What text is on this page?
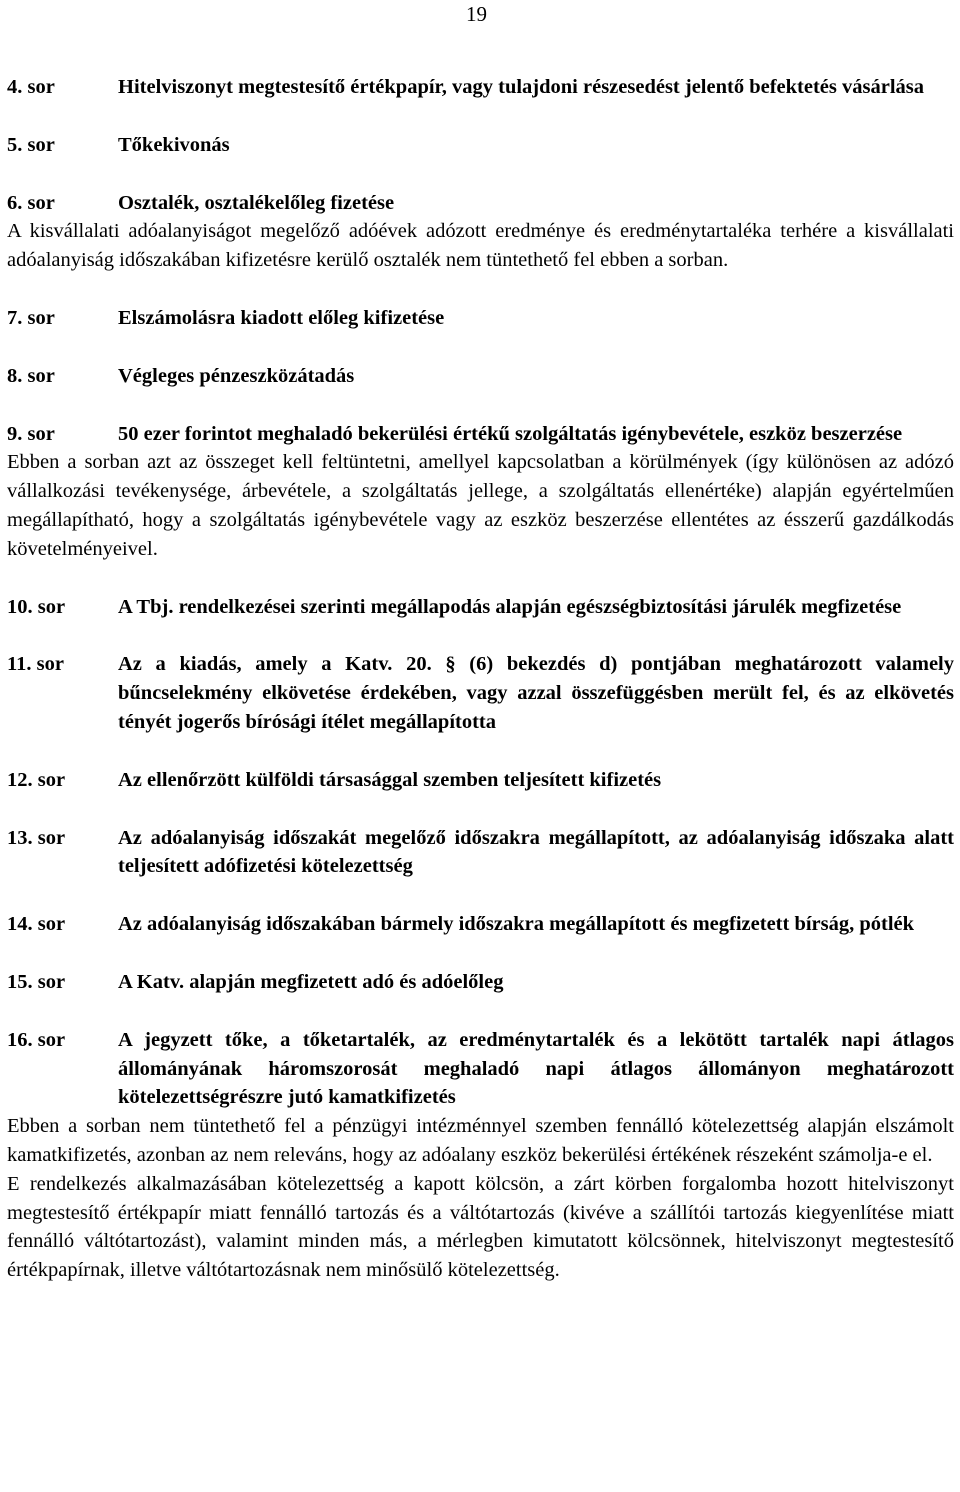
19
4. sor	Hitelviszonyt megtestesítő értékpapír, vagy tulajdoni részesedést jelentő befektetés vásárlása
5. sor	Tőkekivonás
6. sor	Osztalék, osztalékelőleg fizetése
A kisvállalati adóalanyiságot megelőző adóévek adózott eredménye és eredménytartaléka terhére a kisvállalati adóalanyiság időszakában kifizetésre kerülő osztalék nem tüntethető fel ebben a sorban.
7. sor	Elszámolásra kiadott előleg kifizetése
8. sor	Végleges pénzeszközátadás
9. sor	50 ezer forintot meghaladó bekerülési értékű szolgáltatás igénybevétele, eszköz beszerzése
Ebben a sorban azt az összeget kell feltüntetni, amellyel kapcsolatban a körülmények (így különösen az adózó vállalkozási tevékenysége, árbevétele, a szolgáltatás jellege, a szolgáltatás ellenértéke) alapján egyértelműen megállapítható, hogy a szolgáltatás igénybevétele vagy az eszköz beszerzése ellentétes az ésszerű gazdálkodás követelményeivel.
10. sor	A Tbj. rendelkezései szerinti megállapodás alapján egészségbiztosítási járulék megfizetése
11. sor	Az a kiadás, amely a Katv. 20. § (6) bekezdés d) pontjában meghatározott valamely bűncselekmény elkövetése érdekében, vagy azzal összefüggésben merült fel, és az elkövetés tényét jogerős bírósági ítélet megállapította
12. sor	Az ellenőrzött külföldi társasággal szemben teljesített kifizetés
13. sor	Az adóalanyiság időszakát megelőző időszakra megállapított, az adóalanyiság időszaka alatt teljesített adófizetési kötelezettség
14. sor	Az adóalanyiság időszakában bármely időszakra megállapított és megfizetett bírság, pótlék
15. sor	A Katv. alapján megfizetett adó és adóelőleg
16. sor	A jegyzett tőke, a tőketartalék, az eredménytartalék és a lekötött tartalék napi átlagos állományának háromszorosát meghaladó napi átlagos állományon meghatározott kötelezettségrészre jutó kamatkifizetés
Ebben a sorban nem tüntethető fel a pénzügyi intézménnyel szemben fennálló kötelezettség alapján elszámolt kamatkifizetés, azonban az nem releváns, hogy az adóalany eszköz bekerülési értékének részeként számolja-e el.
E rendelkezés alkalmazásában kötelezettség a kapott kölcsön, a zárt körben forgalomba hozott hitelviszonyt megtestesítő értékpapír miatt fennálló tartozás és a váltótartozás (kivéve a szállítói tartozás kiegyenlítése miatt fennálló váltótartozást), valamint minden más, a mérlegben kimutatott kölcsönnek, hitelviszonyt megtestesítő értékpapírnak, illetve váltótartozásnak nem minősülő kötelezettség.
